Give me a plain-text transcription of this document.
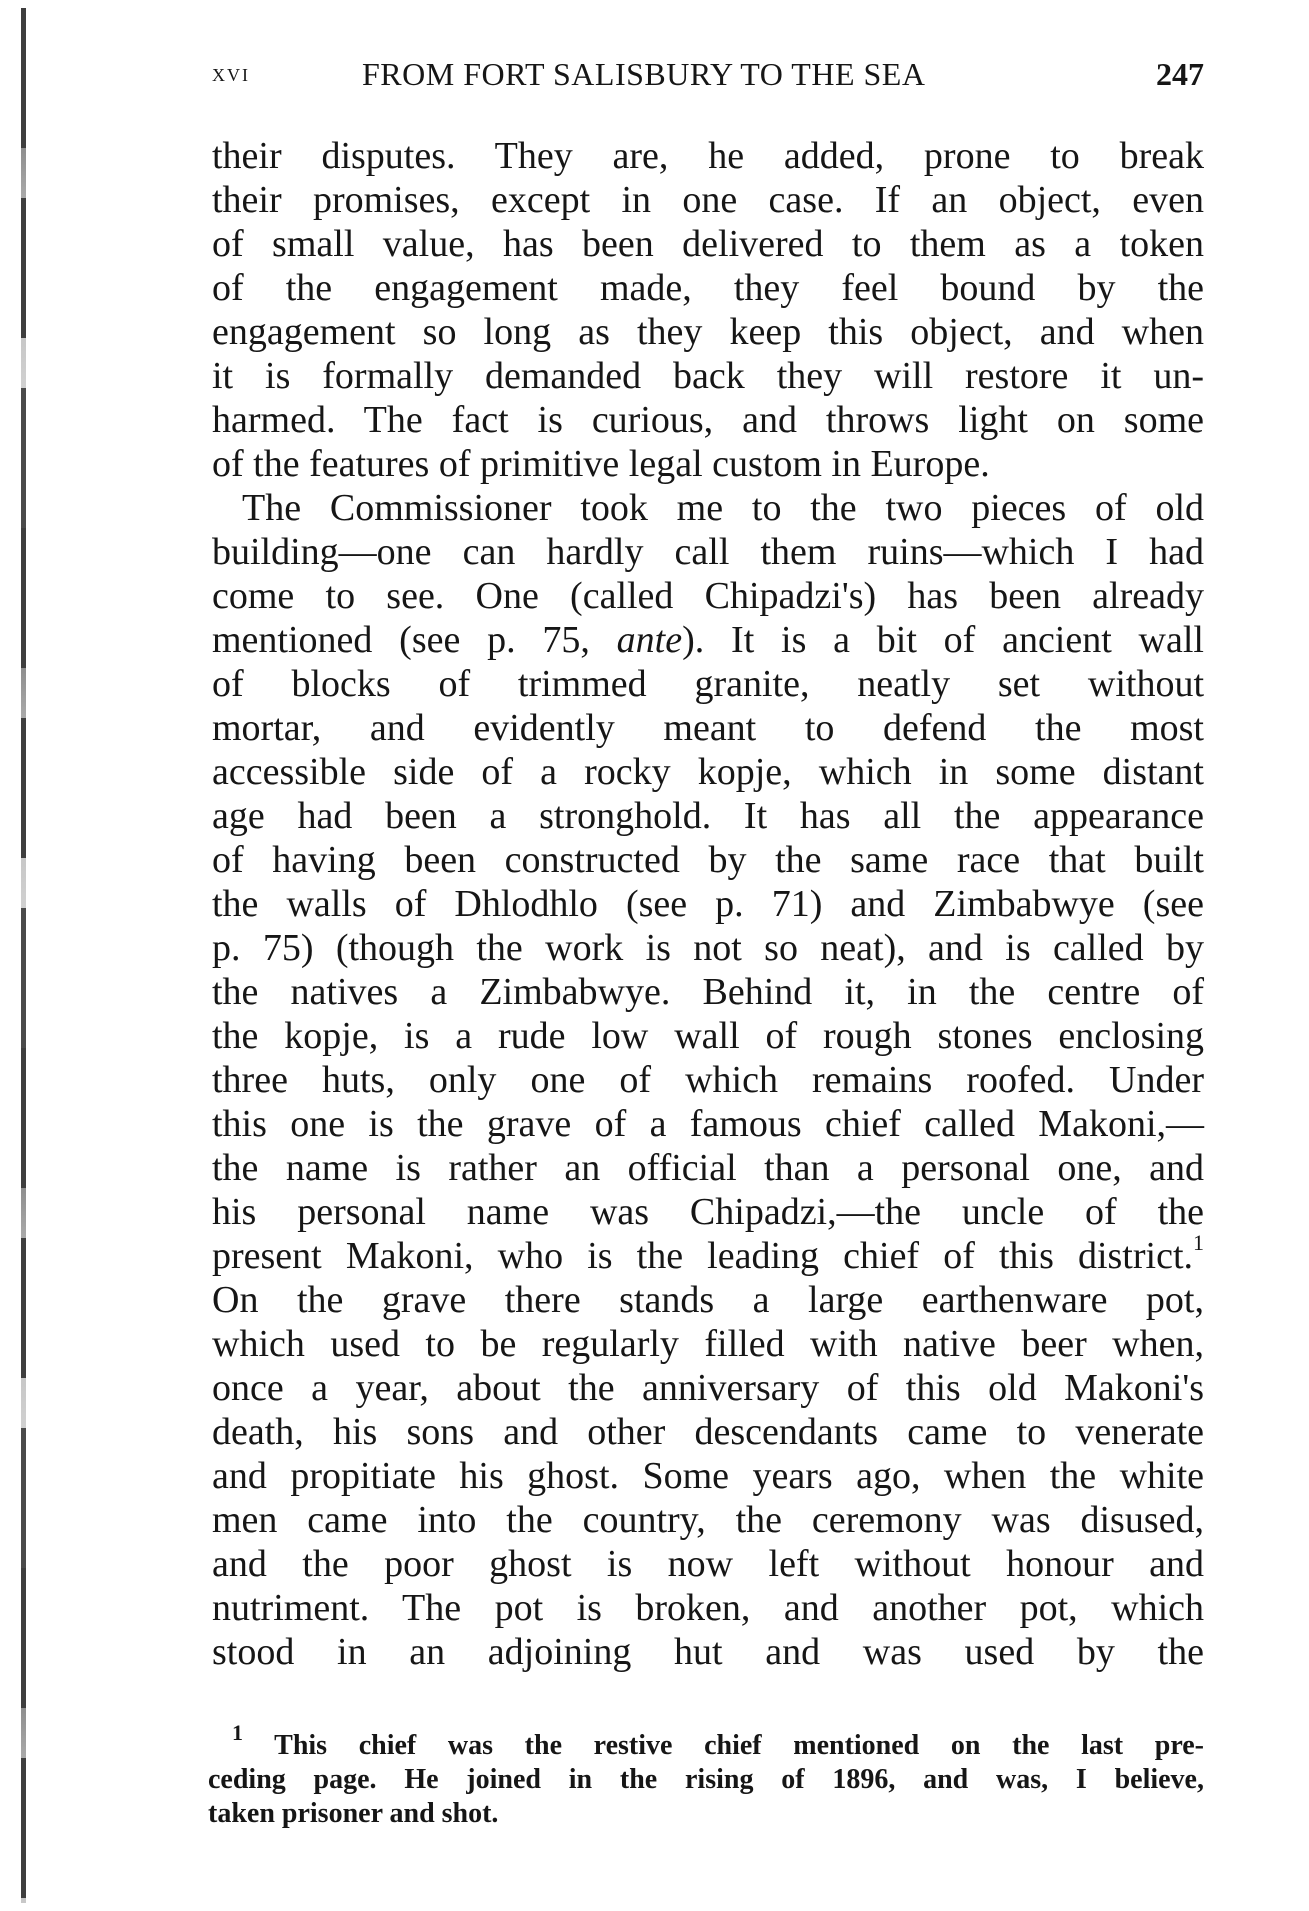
xvi	FROM FORT SALISBURY TO THE SEA	247
their disputes. They are, he added, prone to break
their promises, except in one case. If an object, even
of small value, has been delivered to them as a token
of the engagement made, they feel bound by the
engagement so long as they keep this object, and when
it is formally demanded back they will restore it un-
harmed. The fact is curious, and throws light on some
of the features of primitive legal custom in Europe.
The Commissioner took me to the two pieces of old
building—one can hardly call them ruins—which I had
come to see. One (called Chipadzi's) has been already
mentioned (see p. 75, ante). It is a bit of ancient wall
of blocks of trimmed granite, neatly set without
mortar, and evidently meant to defend the most
accessible side of a rocky kopje, which in some distant
age had been a stronghold. It has all the appearance
of having been constructed by the same race that built
the walls of Dhlodhlo (see p. 71) and Zimbabwye (see
p. 75) (though the work is not so neat), and is called by
the natives a Zimbabwye. Behind it, in the centre of
the kopje, is a rude low wall of rough stones enclosing
three huts, only one of which remains roofed. Under
this one is the grave of a famous chief called Makoni,—
the name is rather an official than a personal one, and
his personal name was Chipadzi,—the uncle of the
present Makoni, who is the leading chief of this district.$^1$
On the grave there stands a large earthenware pot,
which used to be regularly filled with native beer when,
once a year, about the anniversary of this old Makoni's
death, his sons and other descendants came to venerate
and propitiate his ghost. Some years ago, when the white
men came into the country, the ceremony was disused,
and the poor ghost is now left without honour and
nutriment. The pot is broken, and another pot, which
stood in an adjoining hut and was used by the
$^1$ This chief was the restive chief mentioned on the last pre-
ceding page. He joined in the rising of 1896, and was, I believe,
taken prisoner and shot.
